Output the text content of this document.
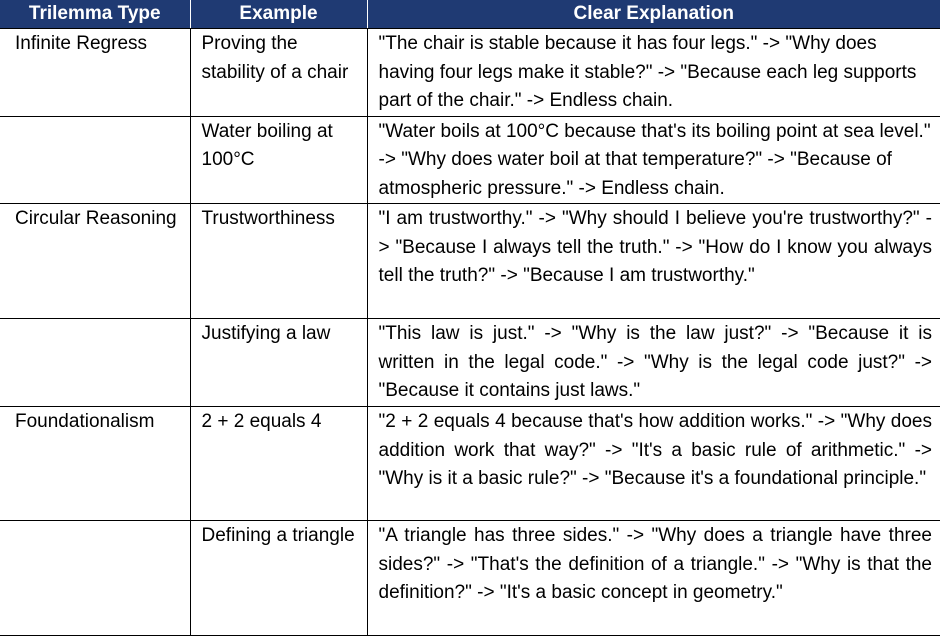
Trilemma Type	Example	Clear Explanation
Infinite Regress	Proving the stability of a chair	"The chair is stable because it has four legs." -> "Why does having four legs make it stable?" -> "Because each leg supports part of the chair." -> Endless chain.
	Water boiling at 100°C	"Water boils at 100°C because that's its boiling point at sea level." -> "Why does water boil at that temperature?" -> "Because of atmospheric pressure." -> Endless chain.
Circular Reasoning	Trustworthiness	"I am trustworthy." -> "Why should I believe you're trustworthy?" -> "Because I always tell the truth." -> "How do I know you always tell the truth?" -> "Because I am trustworthy."
	Justifying a law	"This law is just." -> "Why is the law just?" -> "Because it is written in the legal code." -> "Why is the legal code just?" -> "Because it contains just laws."
Foundationalism	2 + 2 equals 4	"2 + 2 equals 4 because that's how addition works." -> "Why does addition work that way?" -> "It's a basic rule of arithmetic." -> "Why is it a basic rule?" -> "Because it's a foundational principle."
	Defining a triangle	"A triangle has three sides." -> "Why does a triangle have three sides?" -> "That's the definition of a triangle." -> "Why is that the definition?" -> "It's a basic concept in geometry."
